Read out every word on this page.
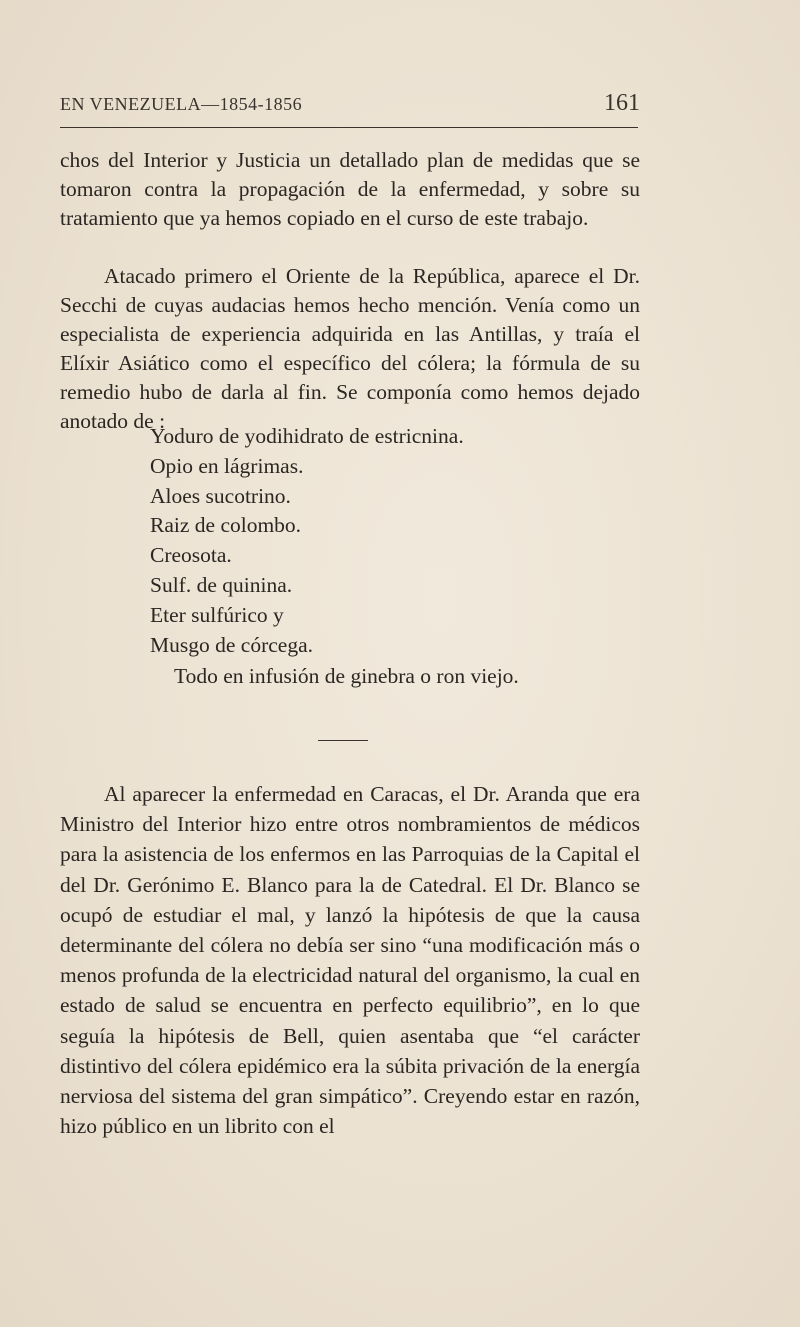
EN VENEZUELA—1854-1856	161

chos del Interior y Justicia un detallado plan de medidas que se tomaron contra la propagación de la enfermedad, y sobre su tratamiento que ya hemos copiado en el curso de este trabajo.

Atacado primero el Oriente de la República, aparece el Dr. Secchi de cuyas audacias hemos hecho mención. Venía como un especialista de experiencia adquirida en las Antillas, y traía el Elíxir Asiático como el específico del cólera; la fórmula de su remedio hubo de darla al fin. Se componía como hemos dejado anotado de :

Yoduro de yodihidrato de estricnina.
Opio en lágrimas.
Aloes sucotrino.
Raiz de colombo.
Creosota.
Sulf. de quinina.
Eter sulfúrico y
Musgo de córcega.
Todo en infusión de ginebra o ron viejo.

Al aparecer la enfermedad en Caracas, el Dr. Aranda que era Ministro del Interior hizo entre otros nombramientos de médicos para la asistencia de los enfermos en las Parroquias de la Capital el del Dr. Gerónimo E. Blanco para la de Catedral. El Dr. Blanco se ocupó de estudiar el mal, y lanzó la hipótesis de que la causa determinante del cólera no debía ser sino “una modificación más o menos profunda de la electricidad natural del organismo, la cual en estado de salud se encuentra en perfecto equilibrio”, en lo que seguía la hipótesis de Bell, quien asentaba que “el carácter distintivo del cólera epidémico era la súbita privación de la energía nerviosa del sistema del gran simpático”. Creyendo estar en razón, hizo público en un librito con el
